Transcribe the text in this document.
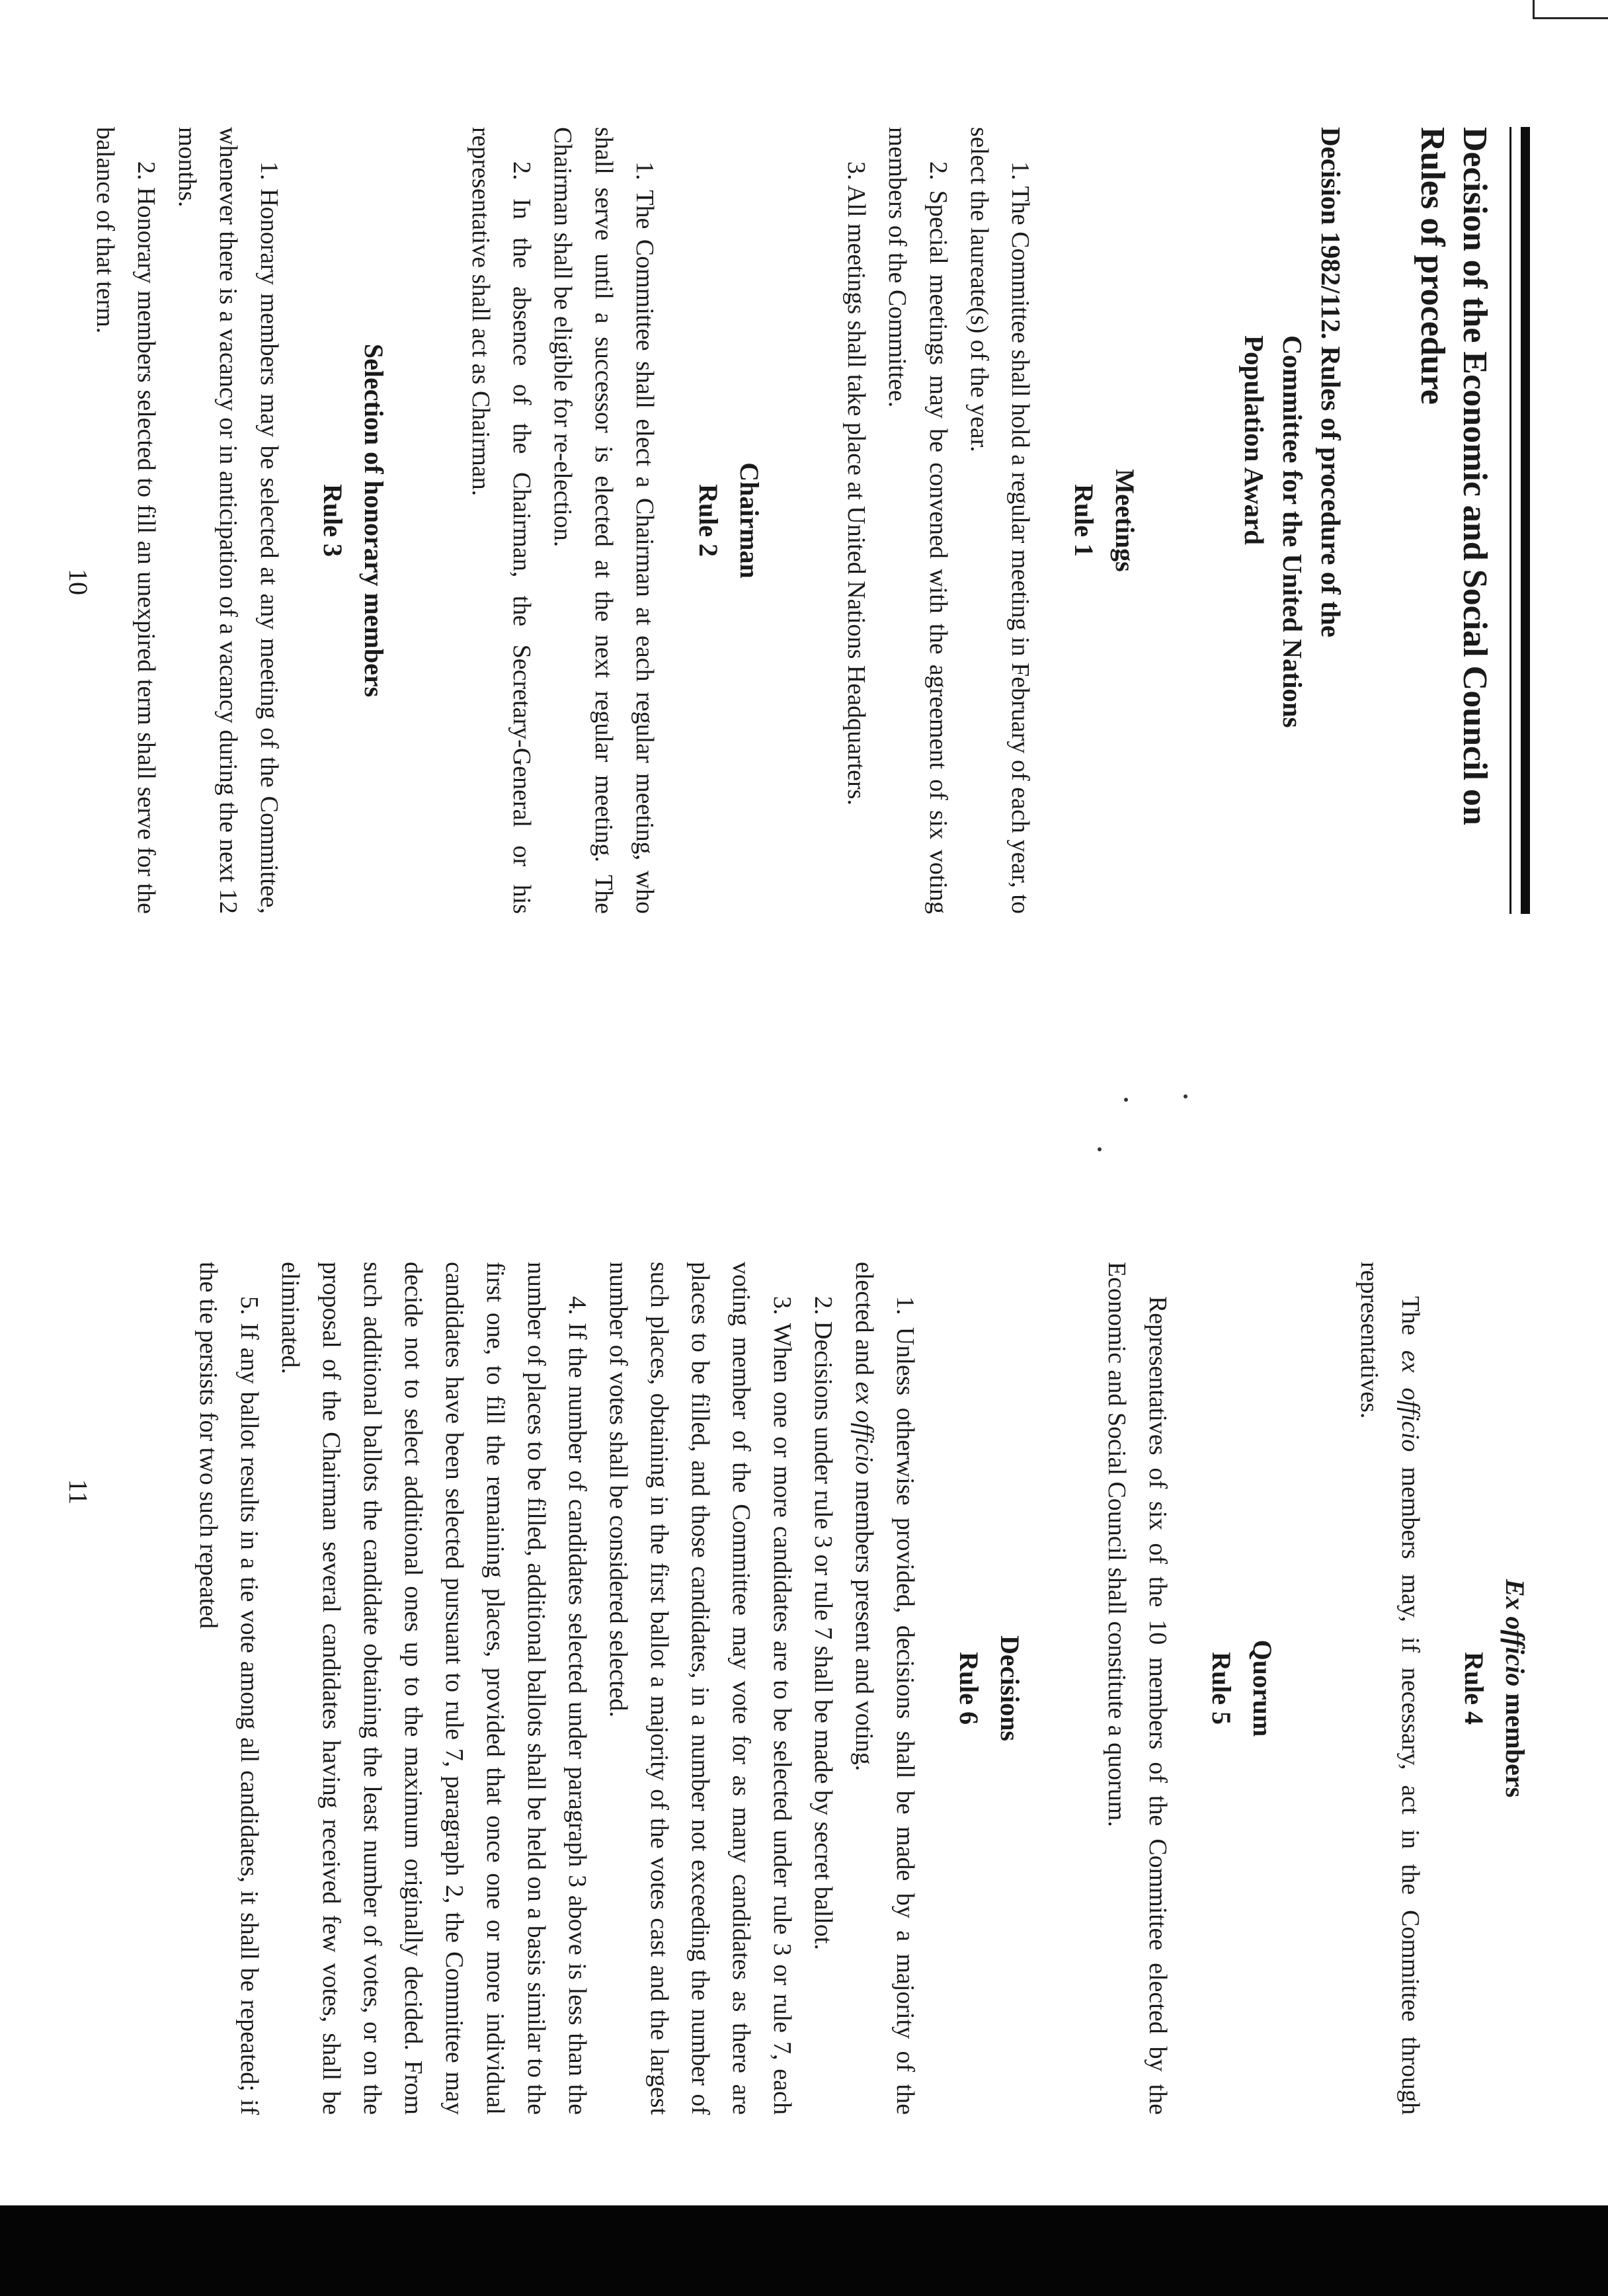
Decision of the Economic and Social Council on Rules of procedure
Decision 1982/112. Rules of procedure of the
Committee for the United Nations
Population Award
Meetings
Rule 1

1. The Committee shall hold a regular meeting in February of each year, to select the laureate(s) of the year.

2. Special meetings may be convened with the agreement of six voting members of the Committee.

3. All meetings shall take place at United Nations Headquarters.

Chairman
Rule 2

1. The Committee shall elect a Chairman at each regular meeting, who shall serve until a successor is elected at the next regular meeting. The Chairman shall be eligible for re-election.

2. In the absence of the Chairman, the Secretary-General or his representative shall act as Chairman.

Selection of honorary members
Rule 3

1. Honorary members may be selected at any meeting of the Committee, whenever there is a vacancy or in anticipation of a vacancy during the next 12 months.

2. Honorary members selected to fill an unexpired term shall serve for the balance of that term.

10
Ex officio members
Rule 4

The ex officio members may, if necessary, act in the Committee through representatives.

Quorum
Rule 5

Representatives of six of the 10 members of the Committee elected by the Economic and Social Council shall constitute a quorum.

Decisions
Rule 6

1. Unless otherwise provided, decisions shall be made by a majority of the elected and ex officio members present and voting.

2. Decisions under rule 3 or rule 7 shall be made by secret ballot.

3. When one or more candidates are to be selected under rule 3 or rule 7, each voting member of the Committee may vote for as many candidates as there are places to be filled, and those candidates, in a number not exceeding the number of such places, obtaining in the first ballot a majority of the votes cast and the largest number of votes shall be considered selected.

4. If the number of candidates selected under paragraph 3 above is less than the number of places to be filled, additional ballots shall be held on a basis similar to the first one, to fill the remaining places, provided that once one or more individual candidates have been selected pursuant to rule 7, paragraph 2, the Committee may decide not to select additional ones up to the maximum originally decided. From such additional ballots the candidate obtaining the least number of votes, or on the proposal of the Chairman several candidates having received few votes, shall be eliminated.

5. If any ballot results in a tie vote among all candidates, it shall be repeated; if the tie persists for two such repeated

11
